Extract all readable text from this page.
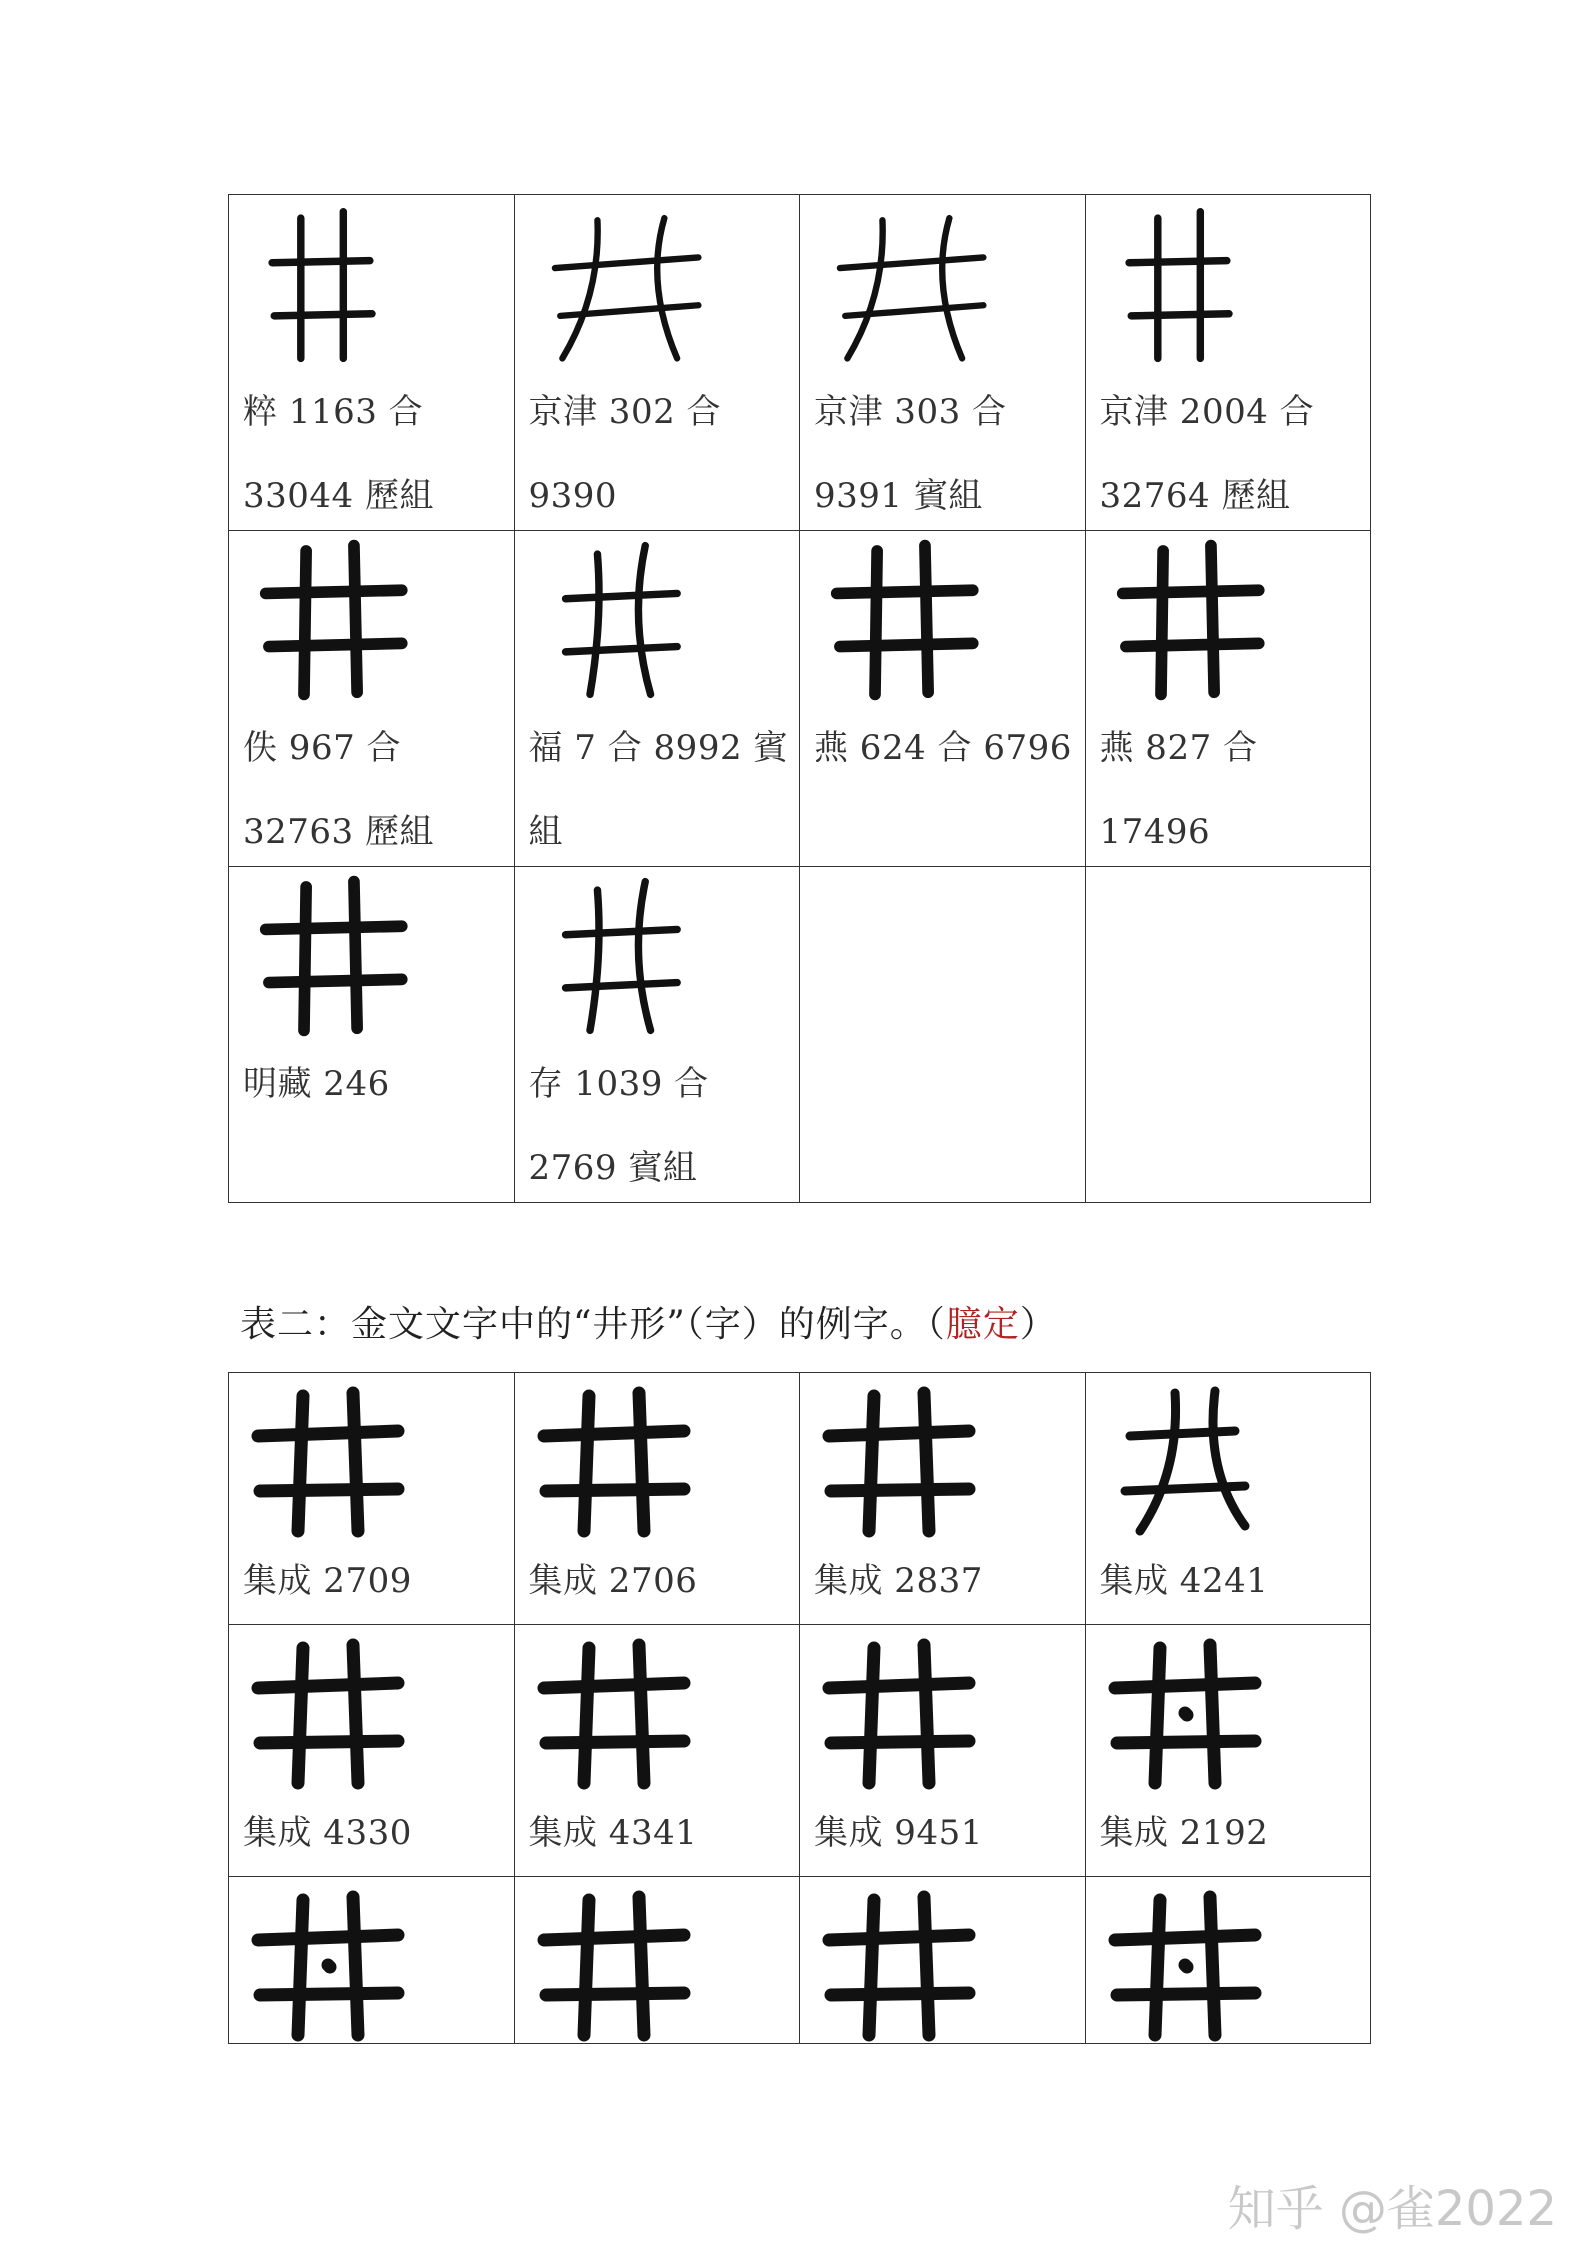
粹 1163 合 33044 歷組	京津 302 合 9390	京津 303 合 9391 賓組	京津 2004 合 32764 歷組

佚 967 合 32763 歷組	福 7 合 8992 賓組	燕 624 合 6796	燕 827 合 17496

明藏 246	存 1039 合 2769 賓組		

表二：金文文字中的“井形”（字）的例字。（臆定）
集成 2709	集成 2706	集成 2837	集成 4241

集成 4330	集成 4341	集成 9451	集成 2192

知乎 @雀2022
